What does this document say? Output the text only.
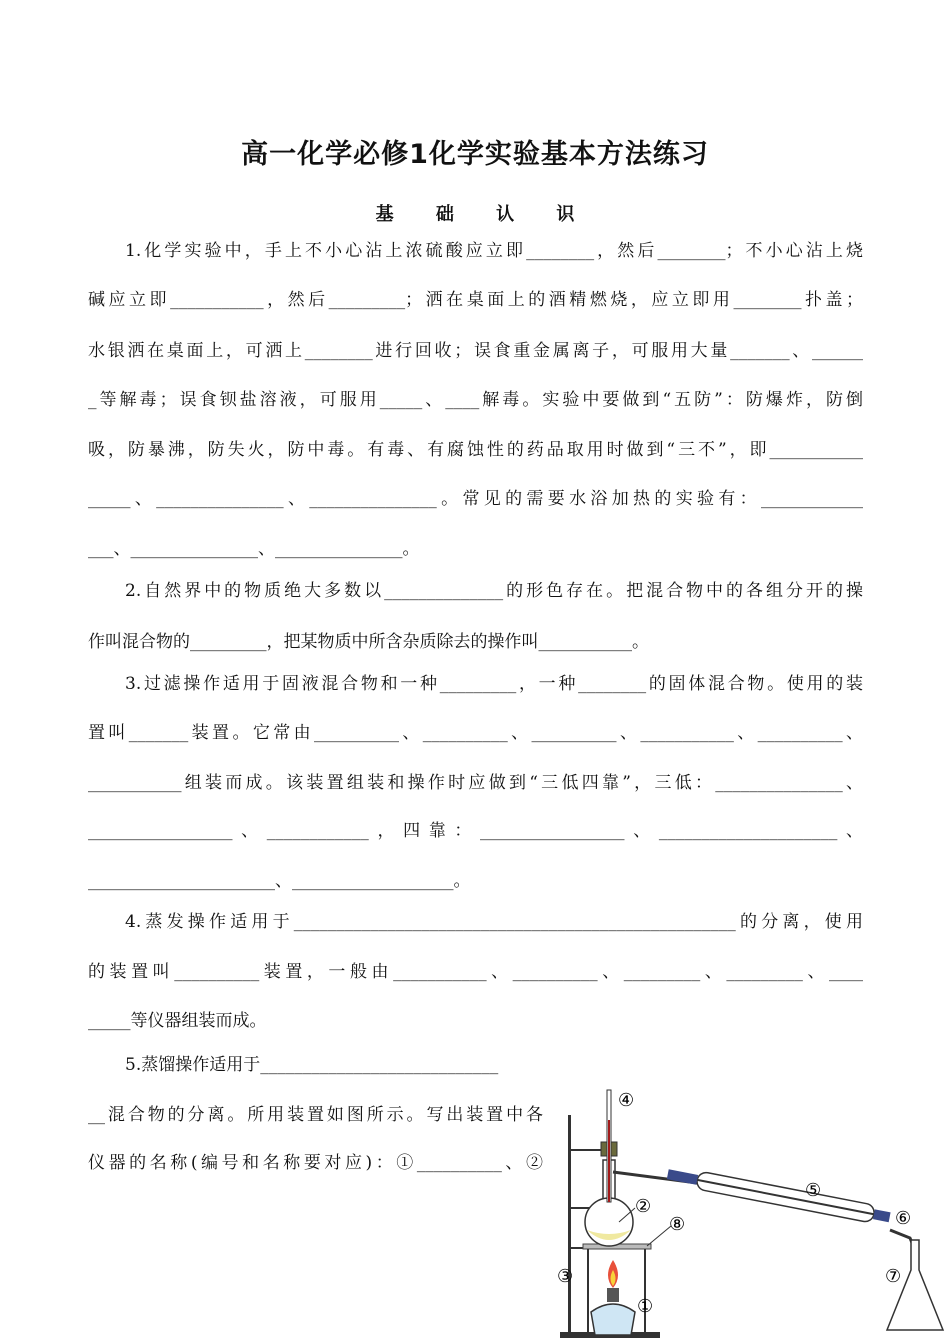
高一化学必修1化学实验基本方法练习
基 础 认 识
1.化学实验中，手上不小心沾上浓硫酸应立即________，然后________；不小心沾上烧
碱应立即___________，然后_________；洒在桌面上的酒精燃烧，应立即用________扑盖；
水银洒在桌面上，可洒上________进行回收；误食重金属离子，可服用大量_______、______
_等解毒；误食钡盐溶液，可服用_____、____解毒。实验中要做到“五防”：防爆炸，防倒
吸，防暴沸，防失火，防中毒。有毒、有腐蚀性的药品取用时做到“三不”，即___________
_____、_______________、_______________。常见的需要水浴加热的实验有：____________
___、_______________、_______________。
2.自然界中的物质绝大多数以______________的形色存在。把混合物中的各组分开的操
作叫混合物的_________，把某物质中所含杂质除去的操作叫___________。
3.过滤操作适用于固液混合物和一种_________，一种________的固体混合物。使用的装
置叫_______装置。它常由__________、__________、__________、___________、__________、
___________组装而成。该装置组装和操作时应做到“三低四靠”，三低：_______________、
_________________、____________，四靠：_________________、_____________________、
______________________、___________________。
4.蒸发操作适用于____________________________________________________的分离，使用
的装置叫__________装置，一般由___________、__________、_________、_________、____
_____等仪器组装而成。
5.蒸馏操作适用于____________________________
__混合物的分离。所用装置如图所示。写出装置中各
仪器的名称(编号和名称要对应)：①__________、②
④
②
⑧
③
①
⑤
⑥
⑦
